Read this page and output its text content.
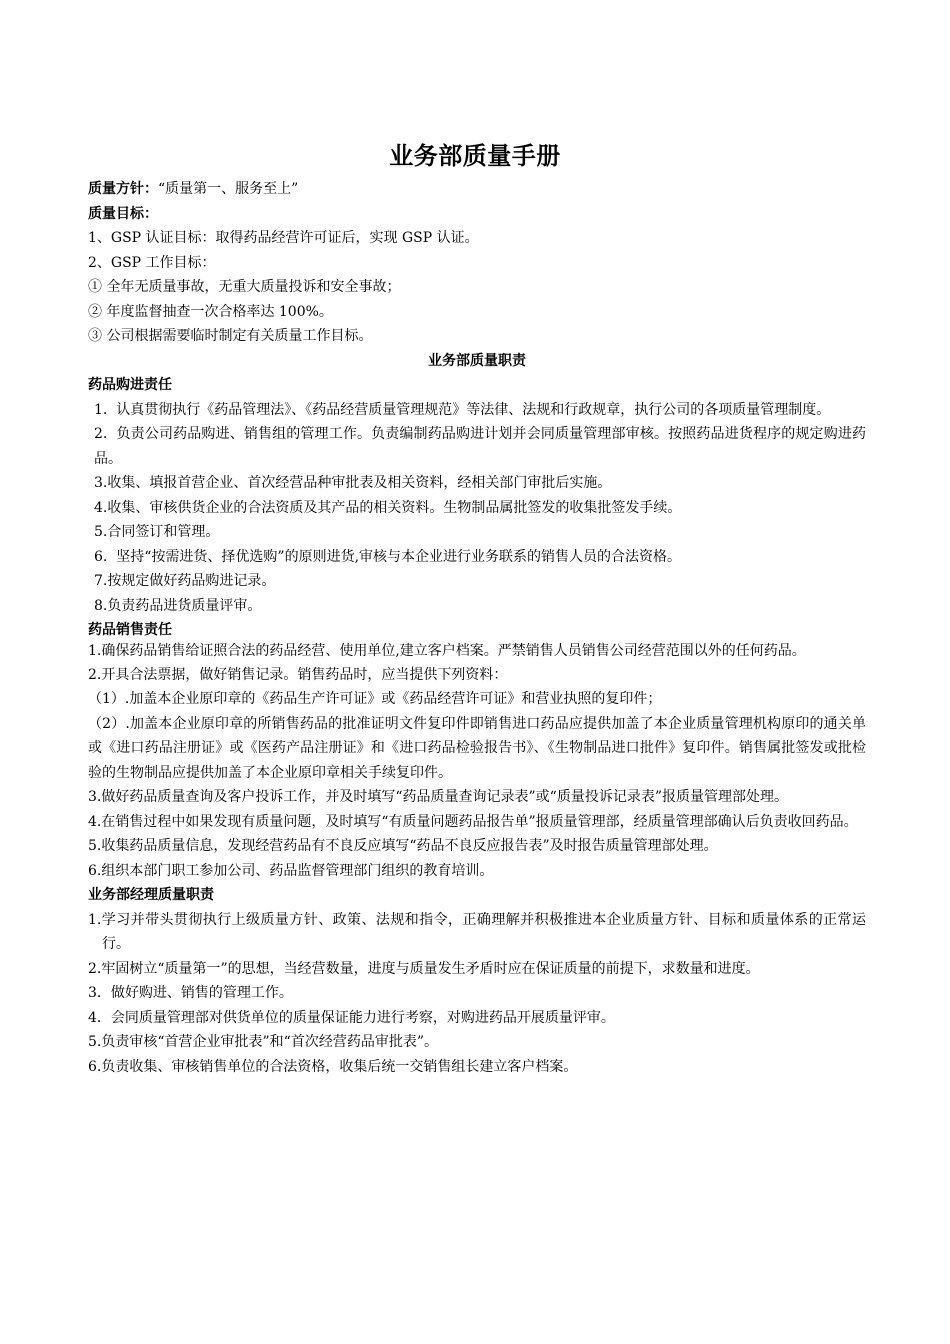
业务部质量手册

质量方针：“质量第一、服务至上”

质量目标：

1、GSP 认证目标：取得药品经营许可证后，实现 GSP 认证。

2、GSP 工作目标：

① 全年无质量事故，无重大质量投诉和安全事故；

② 年度监督抽查一次合格率达 100%。

③ 公司根据需要临时制定有关质量工作目标。

业务部质量职责

药品购进责任

1.  认真贯彻执行《药品管理法》、《药品经营质量管理规范》等法律、法规和行政规章，执行公司的各项质量管理制度。

2.  负责公司药品购进、销售组的管理工作。负责编制药品购进计划并会同质量管理部审核。按照药品进货程序的规定购进药品。

3.收集、填报首营企业、首次经营品种审批表及相关资料，经相关部门审批后实施。

4.收集、审核供货企业的合法资质及其产品的相关资料。生物制品属批签发的收集批签发手续。

5.合同签订和管理。

6.  坚持“按需进货、择优选购”的原则进货,审核与本企业进行业务联系的销售人员的合法资格。

7.按规定做好药品购进记录。

8.负责药品进货质量评审。

药品销售责任

1.确保药品销售给证照合法的药品经营、使用单位,建立客户档案。严禁销售人员销售公司经营范围以外的任何药品。

2.开具合法票据，做好销售记录。销售药品时，应当提供下列资料：

（1）.加盖本企业原印章的《药品生产许可证》或《药品经营许可证》和营业执照的复印件；

（2）.加盖本企业原印章的所销售药品的批准证明文件复印件即销售进口药品应提供加盖了本企业质量管理机构原印的通关单或《进口药品注册证》或《医药产品注册证》和《进口药品检验报告书》、《生物制品进口批件》复印件。销售属批签发或批检验的生物制品应提供加盖了本企业原印章相关手续复印件。

3.做好药品质量查询及客户投诉工作，并及时填写“药品质量查询记录表”或“质量投诉记录表”报质量管理部处理。

4.在销售过程中如果发现有质量问题，及时填写“有质量问题药品报告单”报质量管理部，经质量管理部确认后负责收回药品。

5.收集药品质量信息，发现经营药品有不良反应填写“药品不良反应报告表”及时报告质量管理部处理。

6.组织本部门职工参加公司、药品监督管理部门组织的教育培训。

业务部经理质量职责

1.学习并带头贯彻执行上级质量方针、政策、法规和指令，正确理解并积极推进本企业质量方针、目标和质量体系的正常运行。

2.牢固树立“质量第一”的思想，当经营数量，进度与质量发生矛盾时应在保证质量的前提下，求数量和进度。

3．做好购进、销售的管理工作。

4．会同质量管理部对供货单位的质量保证能力进行考察，对购进药品开展质量评审。

5.负责审核“首营企业审批表”和“首次经营药品审批表”。

6.负责收集、审核销售单位的合法资格，收集后统一交销售组长建立客户档案。
